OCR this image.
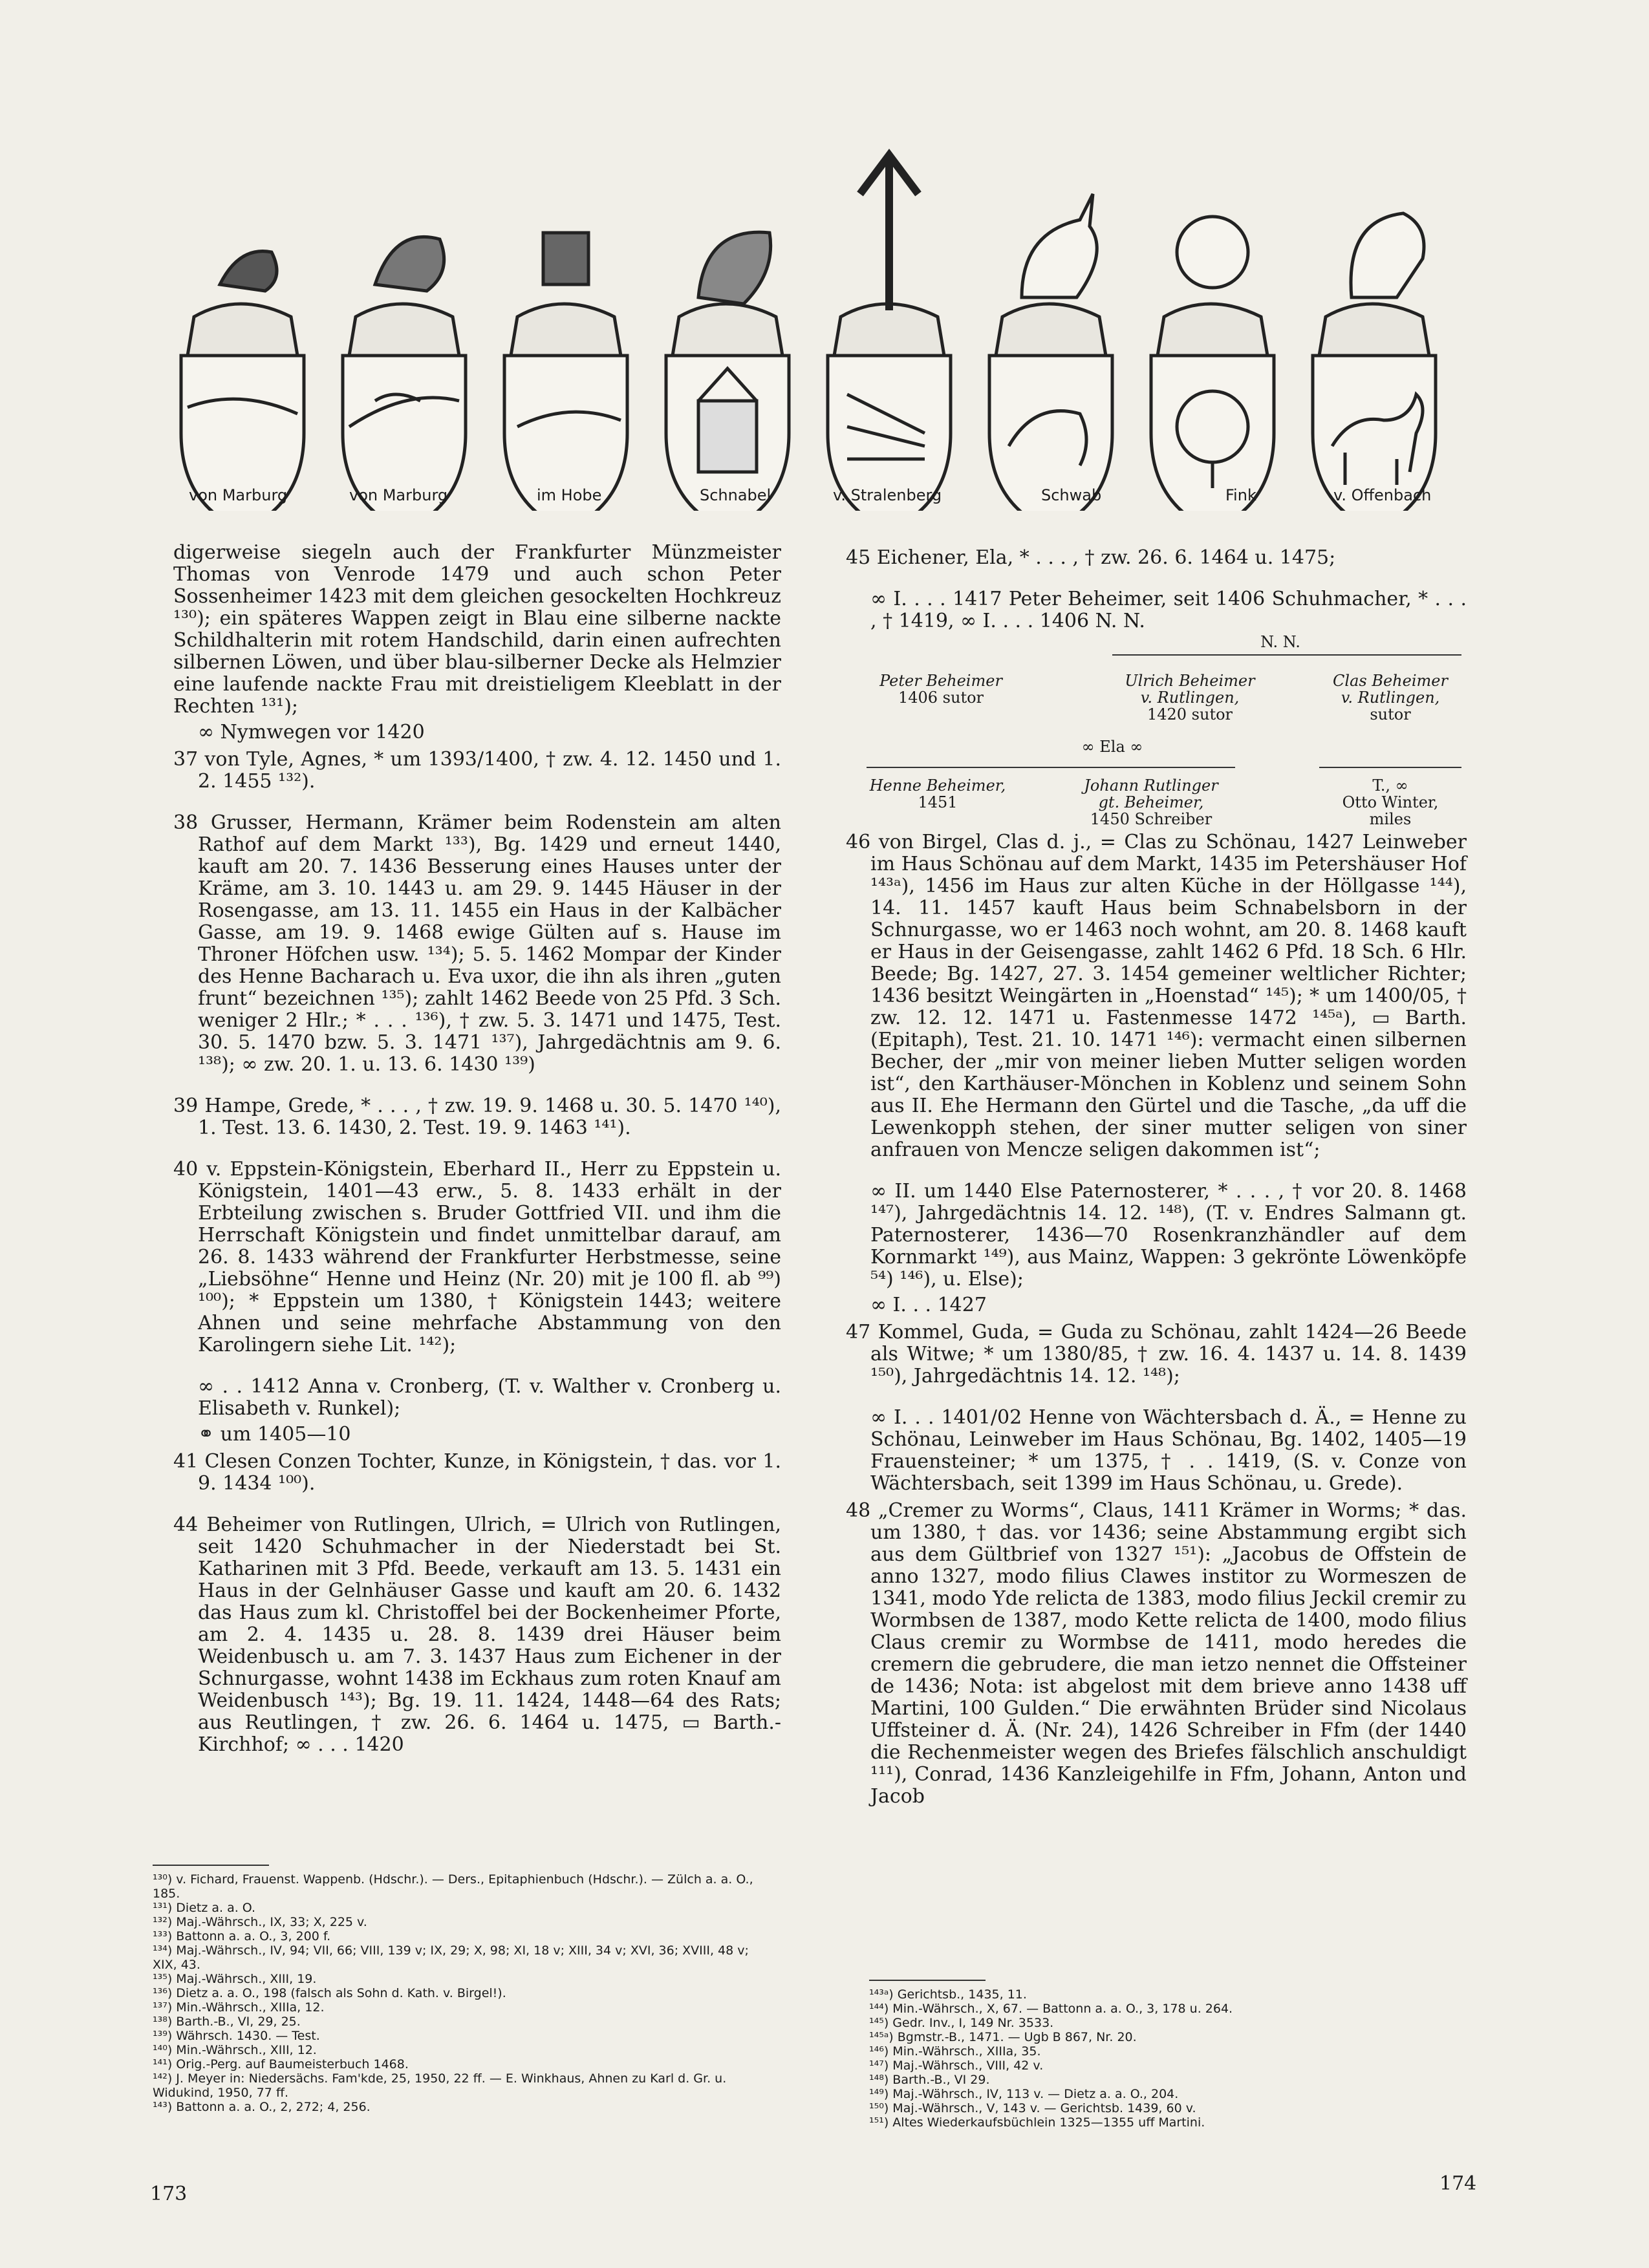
von Marburg	von Marburg	im Hobe	Schnabel	v. Stralenberg	Schwab	Fink	v. Offenbach

digerweise siegeln auch der Frankfurter Münzmeister Thomas von Venrode 1479 und auch schon Peter Sossenheimer 1423 mit dem gleichen gesockelten Hochkreuz ¹³⁰); ein späteres Wappen zeigt in Blau eine silberne nackte Schildhalterin mit rotem Handschild, darin einen aufrechten silbernen Löwen, und über blau-silberner Decke als Helmzier eine laufende nackte Frau mit dreistieligem Kleeblatt in der Rechten ¹³¹);

∞ Nymwegen vor 1420

37 von Tyle, Agnes, * um 1393/1400, † zw. 4. 12. 1450 und 1. 2. 1455 ¹³²).

38 Grusser, Hermann, Krämer beim Rodenstein am alten Rathof auf dem Markt ¹³³), Bg. 1429 und erneut 1440, kauft am 20. 7. 1436 Besserung eines Hauses unter der Kräme, am 3. 10. 1443 u. am 29. 9. 1445 Häuser in der Rosengasse, am 13. 11. 1455 ein Haus in der Kalbächer Gasse, am 19. 9. 1468 ewige Gülten auf s. Hause im Throner Höfchen usw. ¹³⁴); 5. 5. 1462 Mompar der Kinder des Henne Bacharach u. Eva uxor, die ihn als ihren „guten frunt“ bezeichnen ¹³⁵); zahlt 1462 Beede von 25 Pfd. 3 Sch. weniger 2 Hlr.; * . . . ¹³⁶), † zw. 5. 3. 1471 und 1475, Test. 30. 5. 1470 bzw. 5. 3. 1471 ¹³⁷), Jahrgedächtnis am 9. 6. ¹³⁸); ∞ zw. 20. 1. u. 13. 6. 1430 ¹³⁹)

39 Hampe, Grede, * . . . , † zw. 19. 9. 1468 u. 30. 5. 1470 ¹⁴⁰), 1. Test. 13. 6. 1430, 2. Test. 19. 9. 1463 ¹⁴¹).

40 v. Eppstein-Königstein, Eberhard II., Herr zu Eppstein u. Königstein, 1401—43 erw., 5. 8. 1433 erhält in der Erbteilung zwischen s. Bruder Gottfried VII. und ihm die Herrschaft Königstein und findet unmittelbar darauf, am 26. 8. 1433 während der Frankfurter Herbstmesse, seine „Liebsöhne“ Henne und Heinz (Nr. 20) mit je 100 fl. ab ⁹⁹) ¹⁰⁰); * Eppstein um 1380, † Königstein 1443; weitere Ahnen und seine mehrfache Abstammung von den Karolingern siehe Lit. ¹⁴²);

∞ . . 1412 Anna v. Cronberg, (T. v. Walther v. Cronberg u. Elisabeth v. Runkel);

⚭ um 1405—10

41 Clesen Conzen Tochter, Kunze, in Königstein, † das. vor 1. 9. 1434 ¹⁰⁰).

44 Beheimer von Rutlingen, Ulrich, = Ulrich von Rutlingen, seit 1420 Schuhmacher in der Niederstadt bei St. Katharinen mit 3 Pfd. Beede, verkauft am 13. 5. 1431 ein Haus in der Gelnhäuser Gasse und kauft am 20. 6. 1432 das Haus zum kl. Christoffel bei der Bockenheimer Pforte, am 2. 4. 1435 u. 28. 8. 1439 drei Häuser beim Weidenbusch u. am 7. 3. 1437 Haus zum Eichener in der Schnurgasse, wohnt 1438 im Eckhaus zum roten Knauf am Weidenbusch ¹⁴³); Bg. 19. 11. 1424, 1448—64 des Rats; aus Reutlingen, † zw. 26. 6. 1464 u. 1475, ▭ Barth.-Kirchhof; ∞ . . . 1420

¹³⁰) v. Fichard, Frauenst. Wappenb. (Hdschr.). — Ders., Epitaphienbuch (Hdschr.). — Zülch a. a. O., 185.
¹³¹) Dietz a. a. O.
¹³²) Maj.-Währsch., IX, 33; X, 225 v.
¹³³) Battonn a. a. O., 3, 200 f.
¹³⁴) Maj.-Währsch., IV, 94; VII, 66; VIII, 139 v; IX, 29; X, 98; XI, 18 v; XIII, 34 v; XVI, 36; XVIII, 48 v; XIX, 43.
¹³⁵) Maj.-Währsch., XIII, 19.
¹³⁶) Dietz a. a. O., 198 (falsch als Sohn d. Kath. v. Birgel!).
¹³⁷) Min.-Währsch., XIIIa, 12.
¹³⁸) Barth.-B., VI, 29, 25.
¹³⁹) Währsch. 1430. — Test.
¹⁴⁰) Min.-Währsch., XIII, 12.
¹⁴¹) Orig.-Perg. auf Baumeisterbuch 1468.
¹⁴²) J. Meyer in: Niedersächs. Fam'kde, 25, 1950, 22 ff. — E. Winkhaus, Ahnen zu Karl d. Gr. u. Widukind, 1950, 77 ff.
¹⁴³) Battonn a. a. O., 2, 272; 4, 256.
173

45 Eichener, Ela, * . . . , † zw. 26. 6. 1464 u. 1475;

∞ I. . . . 1417 Peter Beheimer, seit 1406 Schuhmacher, * . . . , † 1419, ∞ I. . . . 1406 N. N.

46 von Birgel, Clas d. j., = Clas zu Schönau, 1427 Leinweber im Haus Schönau auf dem Markt, 1435 im Petershäuser Hof ¹⁴³ᵃ), 1456 im Haus zur alten Küche in der Höllgasse ¹⁴⁴), 14. 11. 1457 kauft Haus beim Schnabelsborn in der Schnurgasse, wo er 1463 noch wohnt, am 20. 8. 1468 kauft er Haus in der Geisengasse, zahlt 1462 6 Pfd. 18 Sch. 6 Hlr. Beede; Bg. 1427, 27. 3. 1454 gemeiner weltlicher Richter; 1436 besitzt Weingärten in „Hoenstad“ ¹⁴⁵); * um 1400/05, † zw. 12. 12. 1471 u. Fastenmesse 1472 ¹⁴⁵ᵃ), ▭ Barth. (Epitaph), Test. 21. 10. 1471 ¹⁴⁶): vermacht einen silbernen Becher, der „mir von meiner lieben Mutter seligen worden ist“, den Karthäuser-Mönchen in Koblenz und seinem Sohn aus II. Ehe Hermann den Gürtel und die Tasche, „da uff die Lewenkopph stehen, der siner mutter seligen von siner anfrauen von Mencze seligen dakommen ist“;

∞ II. um 1440 Else Paternosterer, * . . . , † vor 20. 8. 1468 ¹⁴⁷), Jahrgedächtnis 14. 12. ¹⁴⁸), (T. v. Endres Salmann gt. Paternosterer, 1436—70 Rosenkranzhändler auf dem Kornmarkt ¹⁴⁹), aus Mainz, Wappen: 3 gekrönte Löwenköpfe ⁵⁴) ¹⁴⁶), u. Else);

∞ I. . . 1427

47 Kommel, Guda, = Guda zu Schönau, zahlt 1424—26 Beede als Witwe; * um 1380/85, † zw. 16. 4. 1437 u. 14. 8. 1439 ¹⁵⁰), Jahrgedächtnis 14. 12. ¹⁴⁸);

∞ I. . . 1401/02 Henne von Wächtersbach d. Ä., = Henne zu Schönau, Leinweber im Haus Schönau, Bg. 1402, 1405—19 Frauensteiner; * um 1375, † . . 1419, (S. v. Conze von Wächtersbach, seit 1399 im Haus Schönau, u. Grede).

48 „Cremer zu Worms“, Claus, 1411 Krämer in Worms; * das. um 1380, † das. vor 1436; seine Abstammung ergibt sich aus dem Gültbrief von 1327 ¹⁵¹): „Jacobus de Offstein de anno 1327, modo filius Clawes institor zu Wormeszen de 1341, modo Yde relicta de 1383, modo filius Jeckil cremir zu Wormbsen de 1387, modo Kette relicta de 1400, modo filius Claus cremir zu Wormbse de 1411, modo heredes die cremern die gebrudere, die man ietzo nennet die Offsteiner de 1436; Nota: ist abgelost mit dem brieve anno 1438 uff Martini, 100 Gulden.“ Die erwähnten Brüder sind Nicolaus Uffsteiner d. Ä. (Nr. 24), 1426 Schreiber in Ffm (der 1440 die Rechenmeister wegen des Briefes fälschlich anschuldigt ¹¹¹), Conrad, 1436 Kanzleigehilfe in Ffm, Johann, Anton und Jacob

N. N.
Peter Beheimer
1406 sutor
Ulrich Beheimer
v. Rutlingen,
1420 sutor
Clas Beheimer
v. Rutlingen,
sutor
∞ Ela ∞
Henne Beheimer,
1451
Johann Rutlinger
gt. Beheimer,
1450 Schreiber
T., ∞
Otto Winter,
miles
¹⁴³ᵃ) Gerichtsb., 1435, 11.
¹⁴⁴) Min.-Währsch., X, 67. — Battonn a. a. O., 3, 178 u. 264.
¹⁴⁵) Gedr. Inv., I, 149 Nr. 3533.
¹⁴⁵ᵃ) Bgmstr.-B., 1471. — Ugb B 867, Nr. 20.
¹⁴⁶) Min.-Währsch., XIIIa, 35.
¹⁴⁷) Maj.-Währsch., VIII, 42 v.
¹⁴⁸) Barth.-B., VI 29.
¹⁴⁹) Maj.-Währsch., IV, 113 v. — Dietz a. a. O., 204.
¹⁵⁰) Maj.-Währsch., V, 143 v. — Gerichtsb. 1439, 60 v.
¹⁵¹) Altes Wiederkaufsbüchlein 1325—1355 uff Martini.
174
